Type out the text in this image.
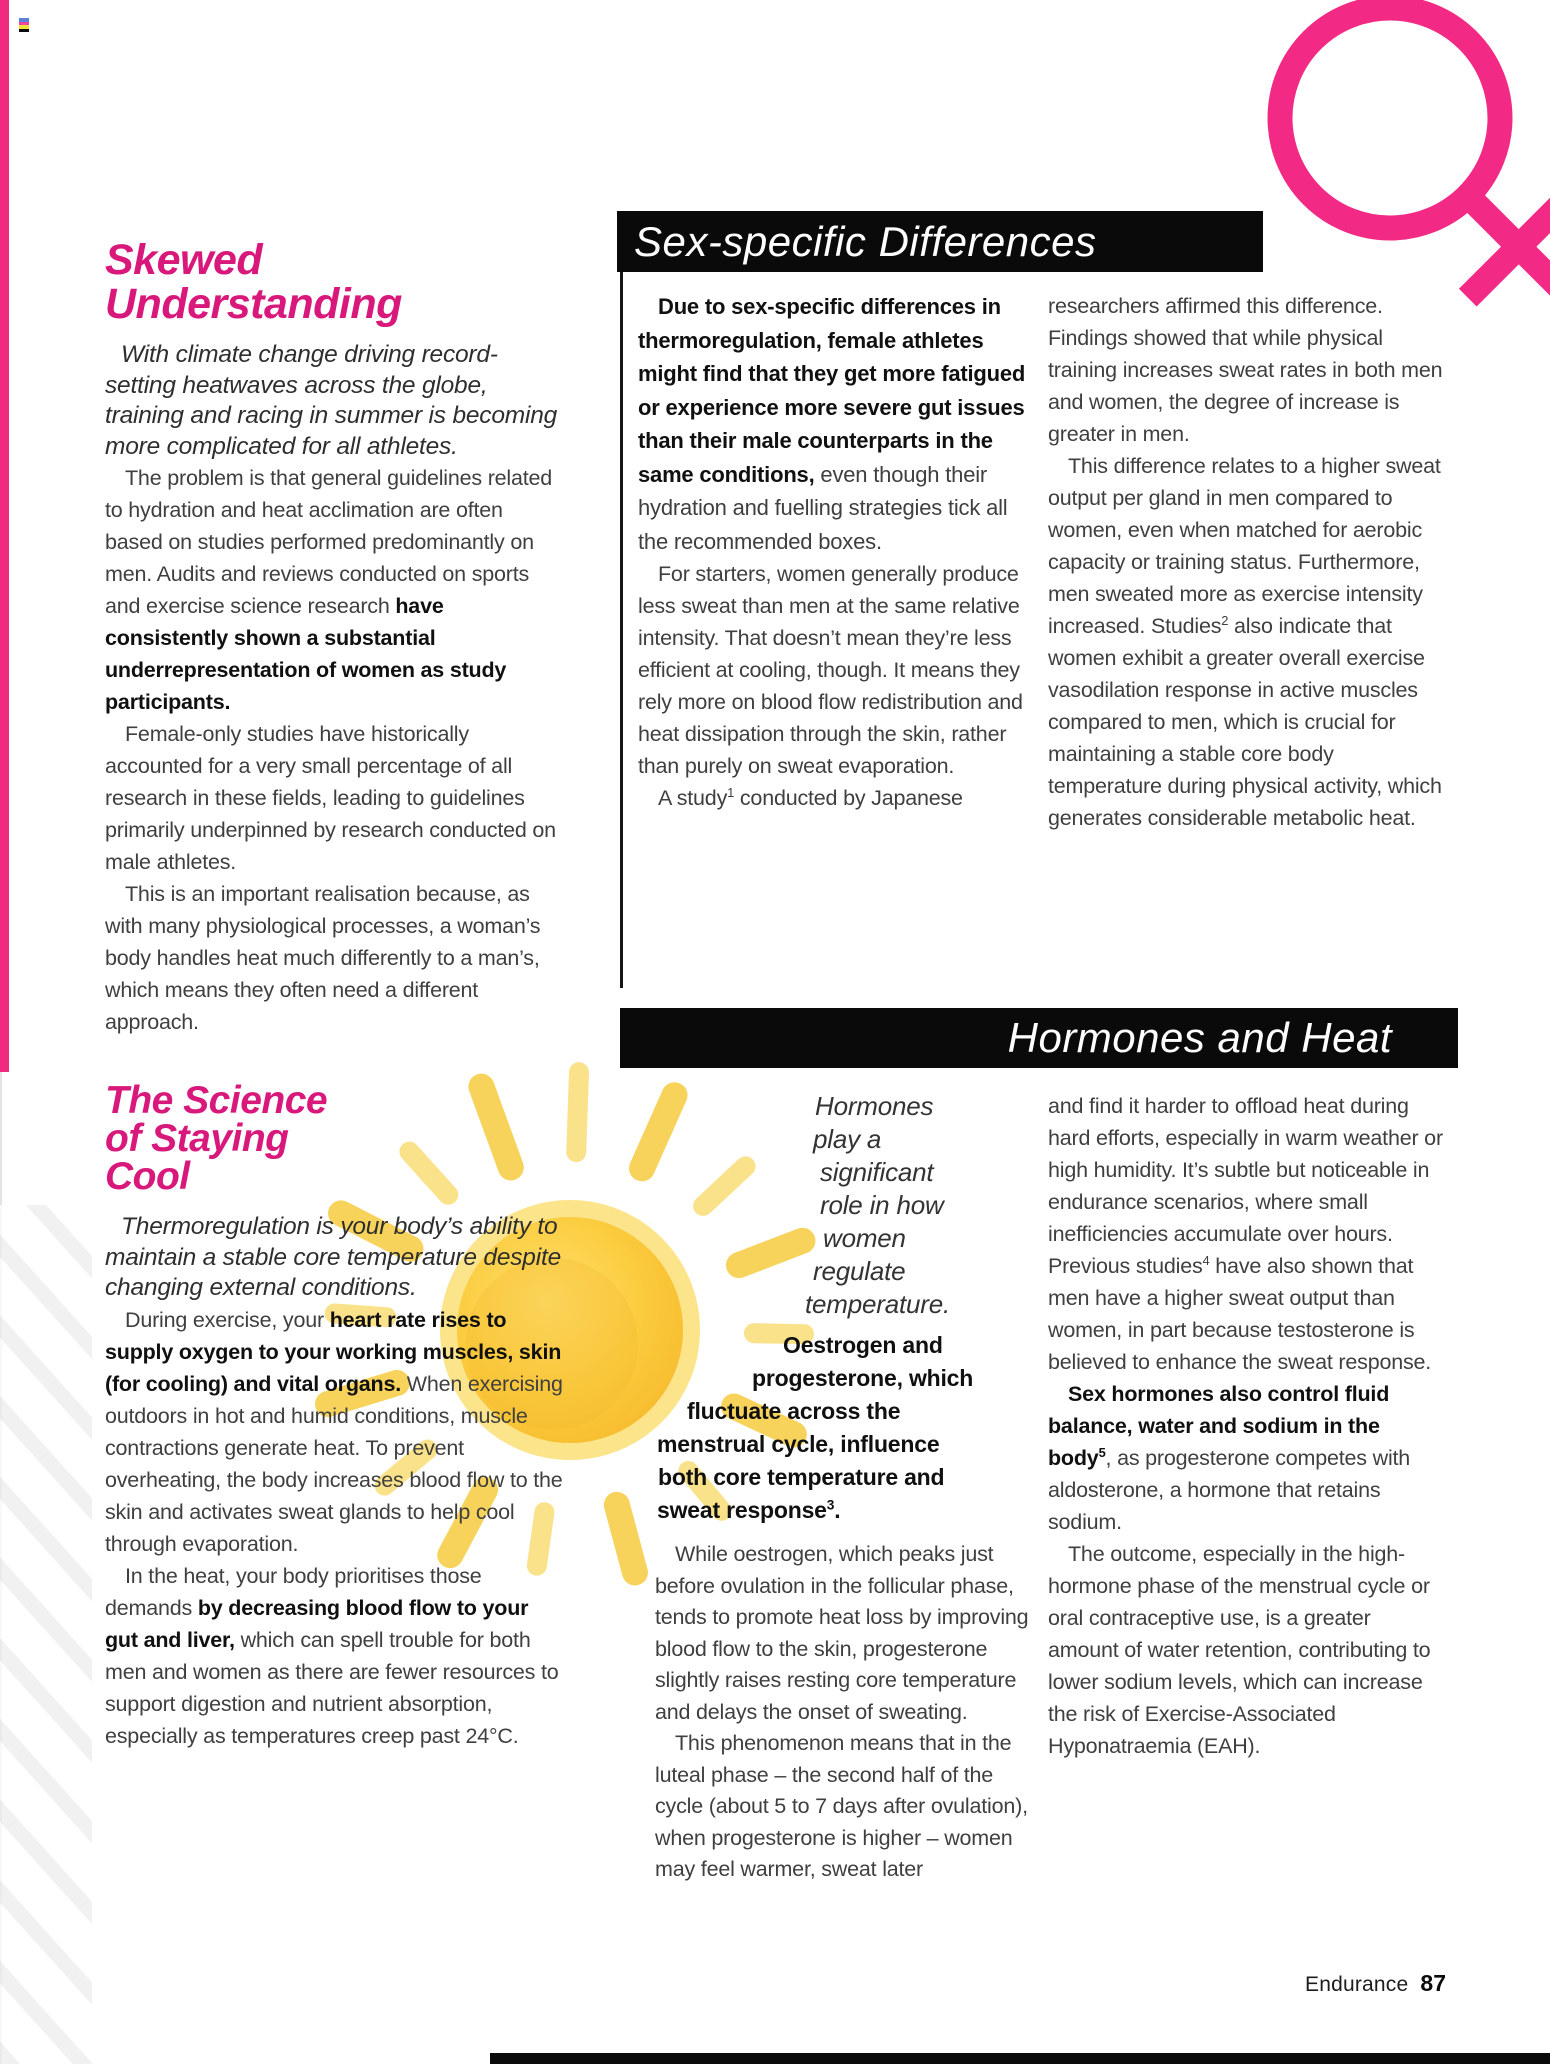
Sex-specific Differences
Hormones and Heat
Skewed
Understanding

With climate change driving record-setting heatwaves across the globe, training and racing in summer is becoming more complicated for all athletes.

The problem is that general guidelines related to hydration and heat acclimation are often based on studies performed predominantly on men. Audits and reviews conducted on sports and exercise science research have consistently shown a substantial underrepresentation of women as study participants.

Female-only studies have historically accounted for a very small percentage of all research in these fields, leading to guidelines primarily underpinned by research conducted on male athletes.

This is an important realisation because, as with many physiological processes, a woman’s body handles heat much differently to a man’s, which means they often need a different approach.

The Science
of Staying
Cool

Thermoregulation is your body’s ability to maintain a stable core temperature despite changing external conditions.

During exercise, your heart rate rises to supply oxygen to your working muscles, skin (for cooling) and vital organs. When exercising outdoors in hot and humid conditions, muscle contractions generate heat. To prevent overheating, the body increases blood flow to the skin and activates sweat glands to help cool through evaporation.

In the heat, your body prioritises those demands by decreasing blood flow to your gut and liver, which can spell trouble for both men and women as there are fewer resources to support digestion and nutrient absorption, especially as temperatures creep past 24°C.

Due to sex-specific differences in thermoregulation, female athletes might find that they get more fatigued or experience more severe gut issues than their male counterparts in the same conditions, even though their hydration and fuelling strategies tick all the recommended boxes.

For starters, women generally produce less sweat than men at the same relative intensity. That doesn’t mean they’re less efficient at cooling, though. It means they rely more on blood flow redistribution and heat dissipation through the skin, rather than purely on sweat evaporation.

A study$^1$ conducted by Japanese

researchers affirmed this difference. Findings showed that while physical training increases sweat rates in both men and women, the degree of increase is greater in men.

This difference relates to a higher sweat output per gland in men compared to women, even when matched for aerobic capacity or training status. Furthermore, men sweated more as exercise intensity increased. Studies$^2$ also indicate that women exhibit a greater overall exercise vasodilation response in active muscles compared to men, which is crucial for maintaining a stable core body temperature during physical activity, which generates considerable metabolic heat.

Hormones
play a
significant
role in how
women
regulate
temperature.
Oestrogen and
progesterone, which
fluctuate across the
menstrual cycle, influence
both core temperature and
sweat response$^3$.

While oestrogen, which peaks just before ovulation in the follicular phase, tends to promote heat loss by improving blood flow to the skin, progesterone slightly raises resting core temperature and delays the onset of sweating.

This phenomenon means that in the luteal phase – the second half of the cycle (about 5 to 7 days after ovulation), when progesterone is higher – women may feel warmer, sweat later

and find it harder to offload heat during hard efforts, especially in warm weather or high humidity. It’s subtle but noticeable in endurance scenarios, where small inefficiencies accumulate over hours. Previous studies$^4$ have also shown that men have a higher sweat output than women, in part because testosterone is believed to enhance the sweat response.

Sex hormones also control fluid balance, water and sodium in the body$^5$, as progesterone competes with aldosterone, a hormone that retains sodium.

The outcome, especially in the high-hormone phase of the menstrual cycle or oral contraceptive use, is a greater amount of water retention, contributing to lower sodium levels, which can increase the risk of Exercise-Associated Hyponatraemia (EAH).

Endurance 87
